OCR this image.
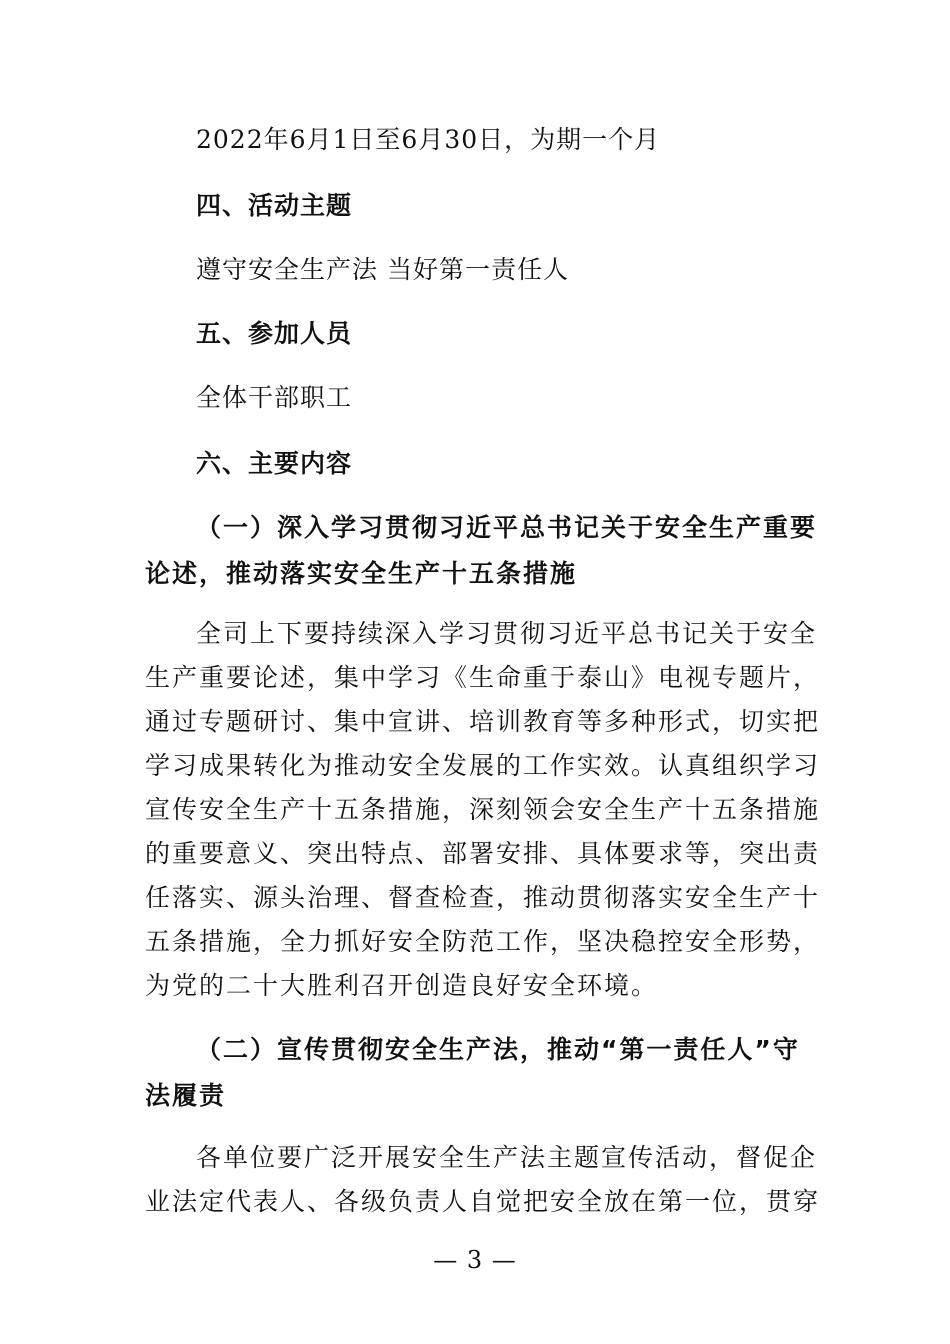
2022年6月1日至6月30日，为期一个月
四、活动主题
遵守安全生产法 当好第一责任人
五、参加人员
全体干部职工
六、主要内容
（一）深入学习贯彻习近平总书记关于安全生产重要
论述，推动落实安全生产十五条措施
全司上下要持续深入学习贯彻习近平总书记关于安全
生产重要论述，集中学习《生命重于泰山》电视专题片，
通过专题研讨、集中宣讲、培训教育等多种形式，切实把
学习成果转化为推动安全发展的工作实效。认真组织学习
宣传安全生产十五条措施，深刻领会安全生产十五条措施
的重要意义、突出特点、部署安排、具体要求等，突出责
任落实、源头治理、督查检查，推动贯彻落实安全生产十
五条措施，全力抓好安全防范工作，坚决稳控安全形势，
为党的二十大胜利召开创造良好安全环境。
（二）宣传贯彻安全生产法，推动“第一责任人”守
法履责
各单位要广泛开展安全生产法主题宣传活动，督促企
业法定代表人、各级负责人自觉把安全放在第一位，贯穿
— 3 —
